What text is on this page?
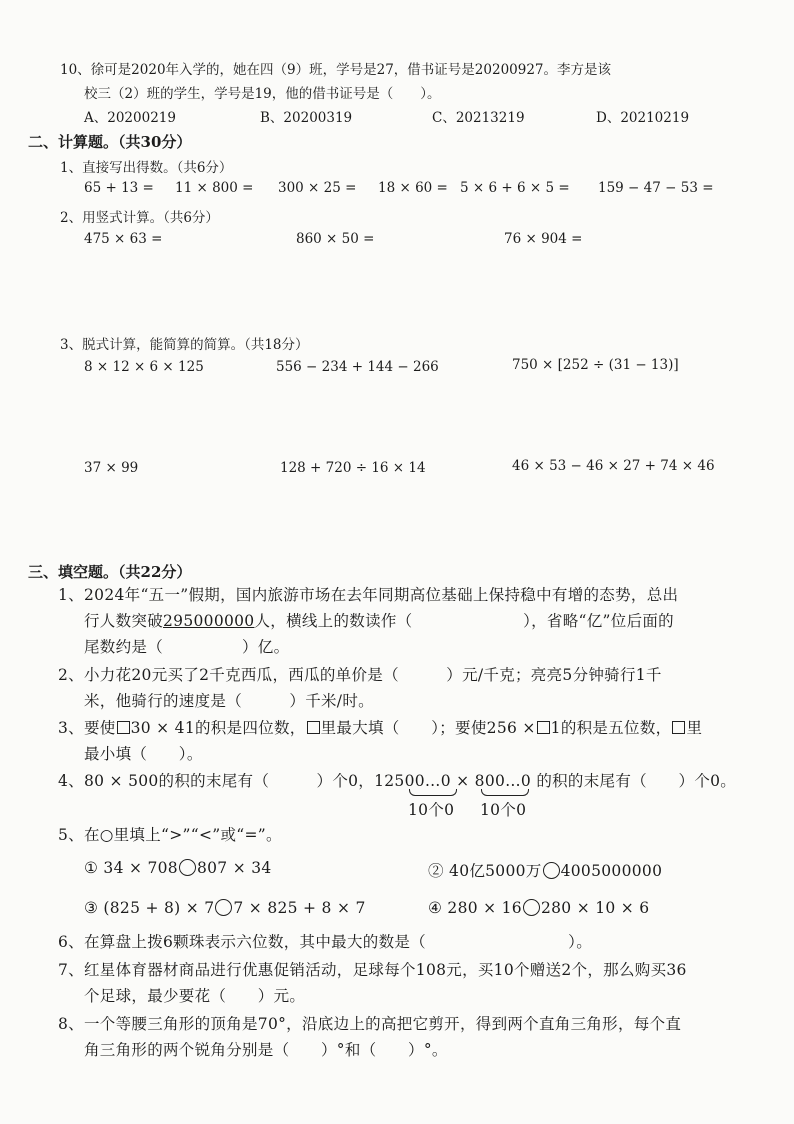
10、徐可是2020年入学的，她在四（9）班，学号是27，借书证号是20200927。李方是该
校三（2）班的学生，学号是19，他的借书证号是（　　）。
A、20200219	B、20200319	C、20213219	D、20210219
二、计算题。（共30分）
1、直接写出得数。（共6分）
65 + 13 = 11 × 800 = 300 × 25 = 18 × 60 = 5 × 6 + 6 × 5 = 159 − 47 − 53 =
2、用竖式计算。（共6分）
475 × 63 =	860 × 50 =	76 × 904 =
3、脱式计算，能简算的简算。（共18分）
8 × 12 × 6 × 125	556 − 234 + 144 − 266	750 × [252 ÷ (31 − 13)]
37 × 99	128 + 720 ÷ 16 × 14	46 × 53 − 46 × 27 + 74 × 46
三、填空题。（共22分）
1、 2024年“五一”假期，国内旅游市场在去年同期高位基础上保持稳中有增的态势，总出
行人数突破295000000人，横线上的数读作（　　　　　　　），省略“亿”位后面的
尾数约是（　　　　　）亿。
2、 小力花20元买了2千克西瓜，西瓜的单价是（　　　）元/千克；亮亮5分钟骑行1千
米，他骑行的速度是（　　　）千米/时。
3、 要使 30 × 41的积是四位数， 里最大填（　　）；要使256 × 1的积是五位数， 里
最小填（　　）。
4、 80 × 500的积的末尾有（　　　）个0，12500…0 × 800…0 的积的末尾有（　　）个0。
10个0 10个0
5、 在○里填上“>”“<”或“=”。
① 34 × 708 807 × 34	② 40亿5000万 4005000000
③ (825 + 8) × 7 7 × 825 + 8 × 7	④ 280 × 16 280 × 10 × 6
6、 在算盘上拨6颗珠表示六位数，其中最大的数是（　　　　　　　　　）。
7、 红星体育器材商品进行优惠促销活动，足球每个108元，买10个赠送2个，那么购买36
个足球，最少要花（　　）元。
8、 一个等腰三角形的顶角是70°，沿底边上的高把它剪开，得到两个直角三角形，每个直
角三角形的两个锐角分别是（　　）°和（　　）°。
